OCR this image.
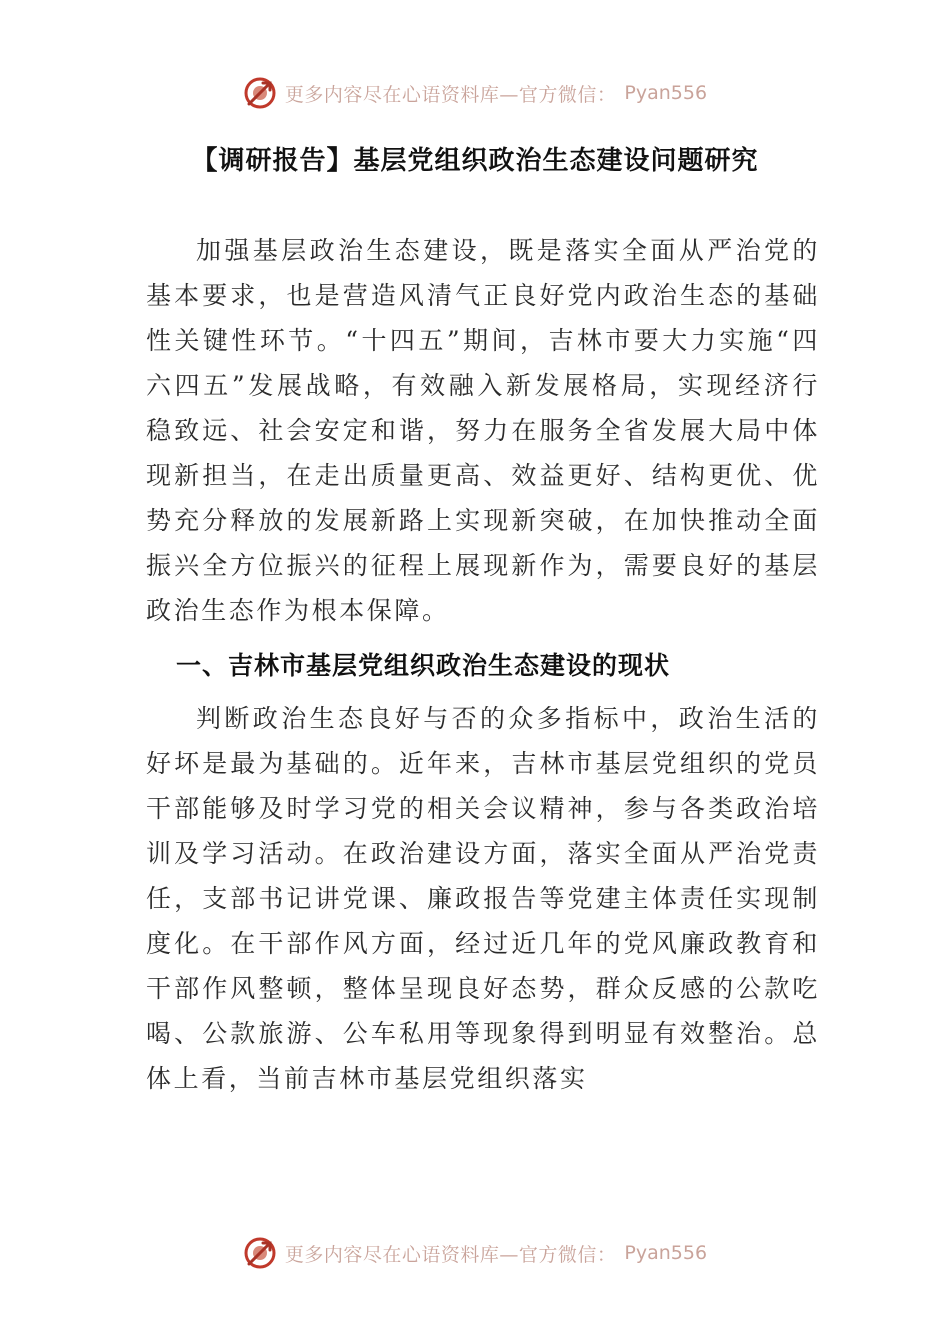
更多内容尽在心语资料库—官方微信： Pyan556
【调研报告】基层党组织政治生态建设问题研究

加强基层政治生态建设，既是落实全面从严治党的基本要求，也是营造风清气正良好党内政治生态的基础性关键性环节。“十四五”期间，吉林市要大力实施“四六四五”发展战略，有效融入新发展格局，实现经济行稳致远、社会安定和谐，努力在服务全省发展大局中体现新担当，在走出质量更高、效益更好、结构更优、优势充分释放的发展新路上实现新突破，在加快推动全面振兴全方位振兴的征程上展现新作为，需要良好的基层政治生态作为根本保障。

一、吉林市基层党组织政治生态建设的现状

判断政治生态良好与否的众多指标中，政治生活的好坏是最为基础的。近年来，吉林市基层党组织的党员干部能够及时学习党的相关会议精神，参与各类政治培训及学习活动。在政治建设方面，落实全面从严治党责任，支部书记讲党课、廉政报告等党建主体责任实现制度化。在干部作风方面，经过近几年的党风廉政教育和干部作风整顿，整体呈现良好态势，群众反感的公款吃喝、公款旅游、公车私用等现象得到明显有效整治。总体上看，当前吉林市基层党组织落实

更多内容尽在心语资料库—官方微信： Pyan556
